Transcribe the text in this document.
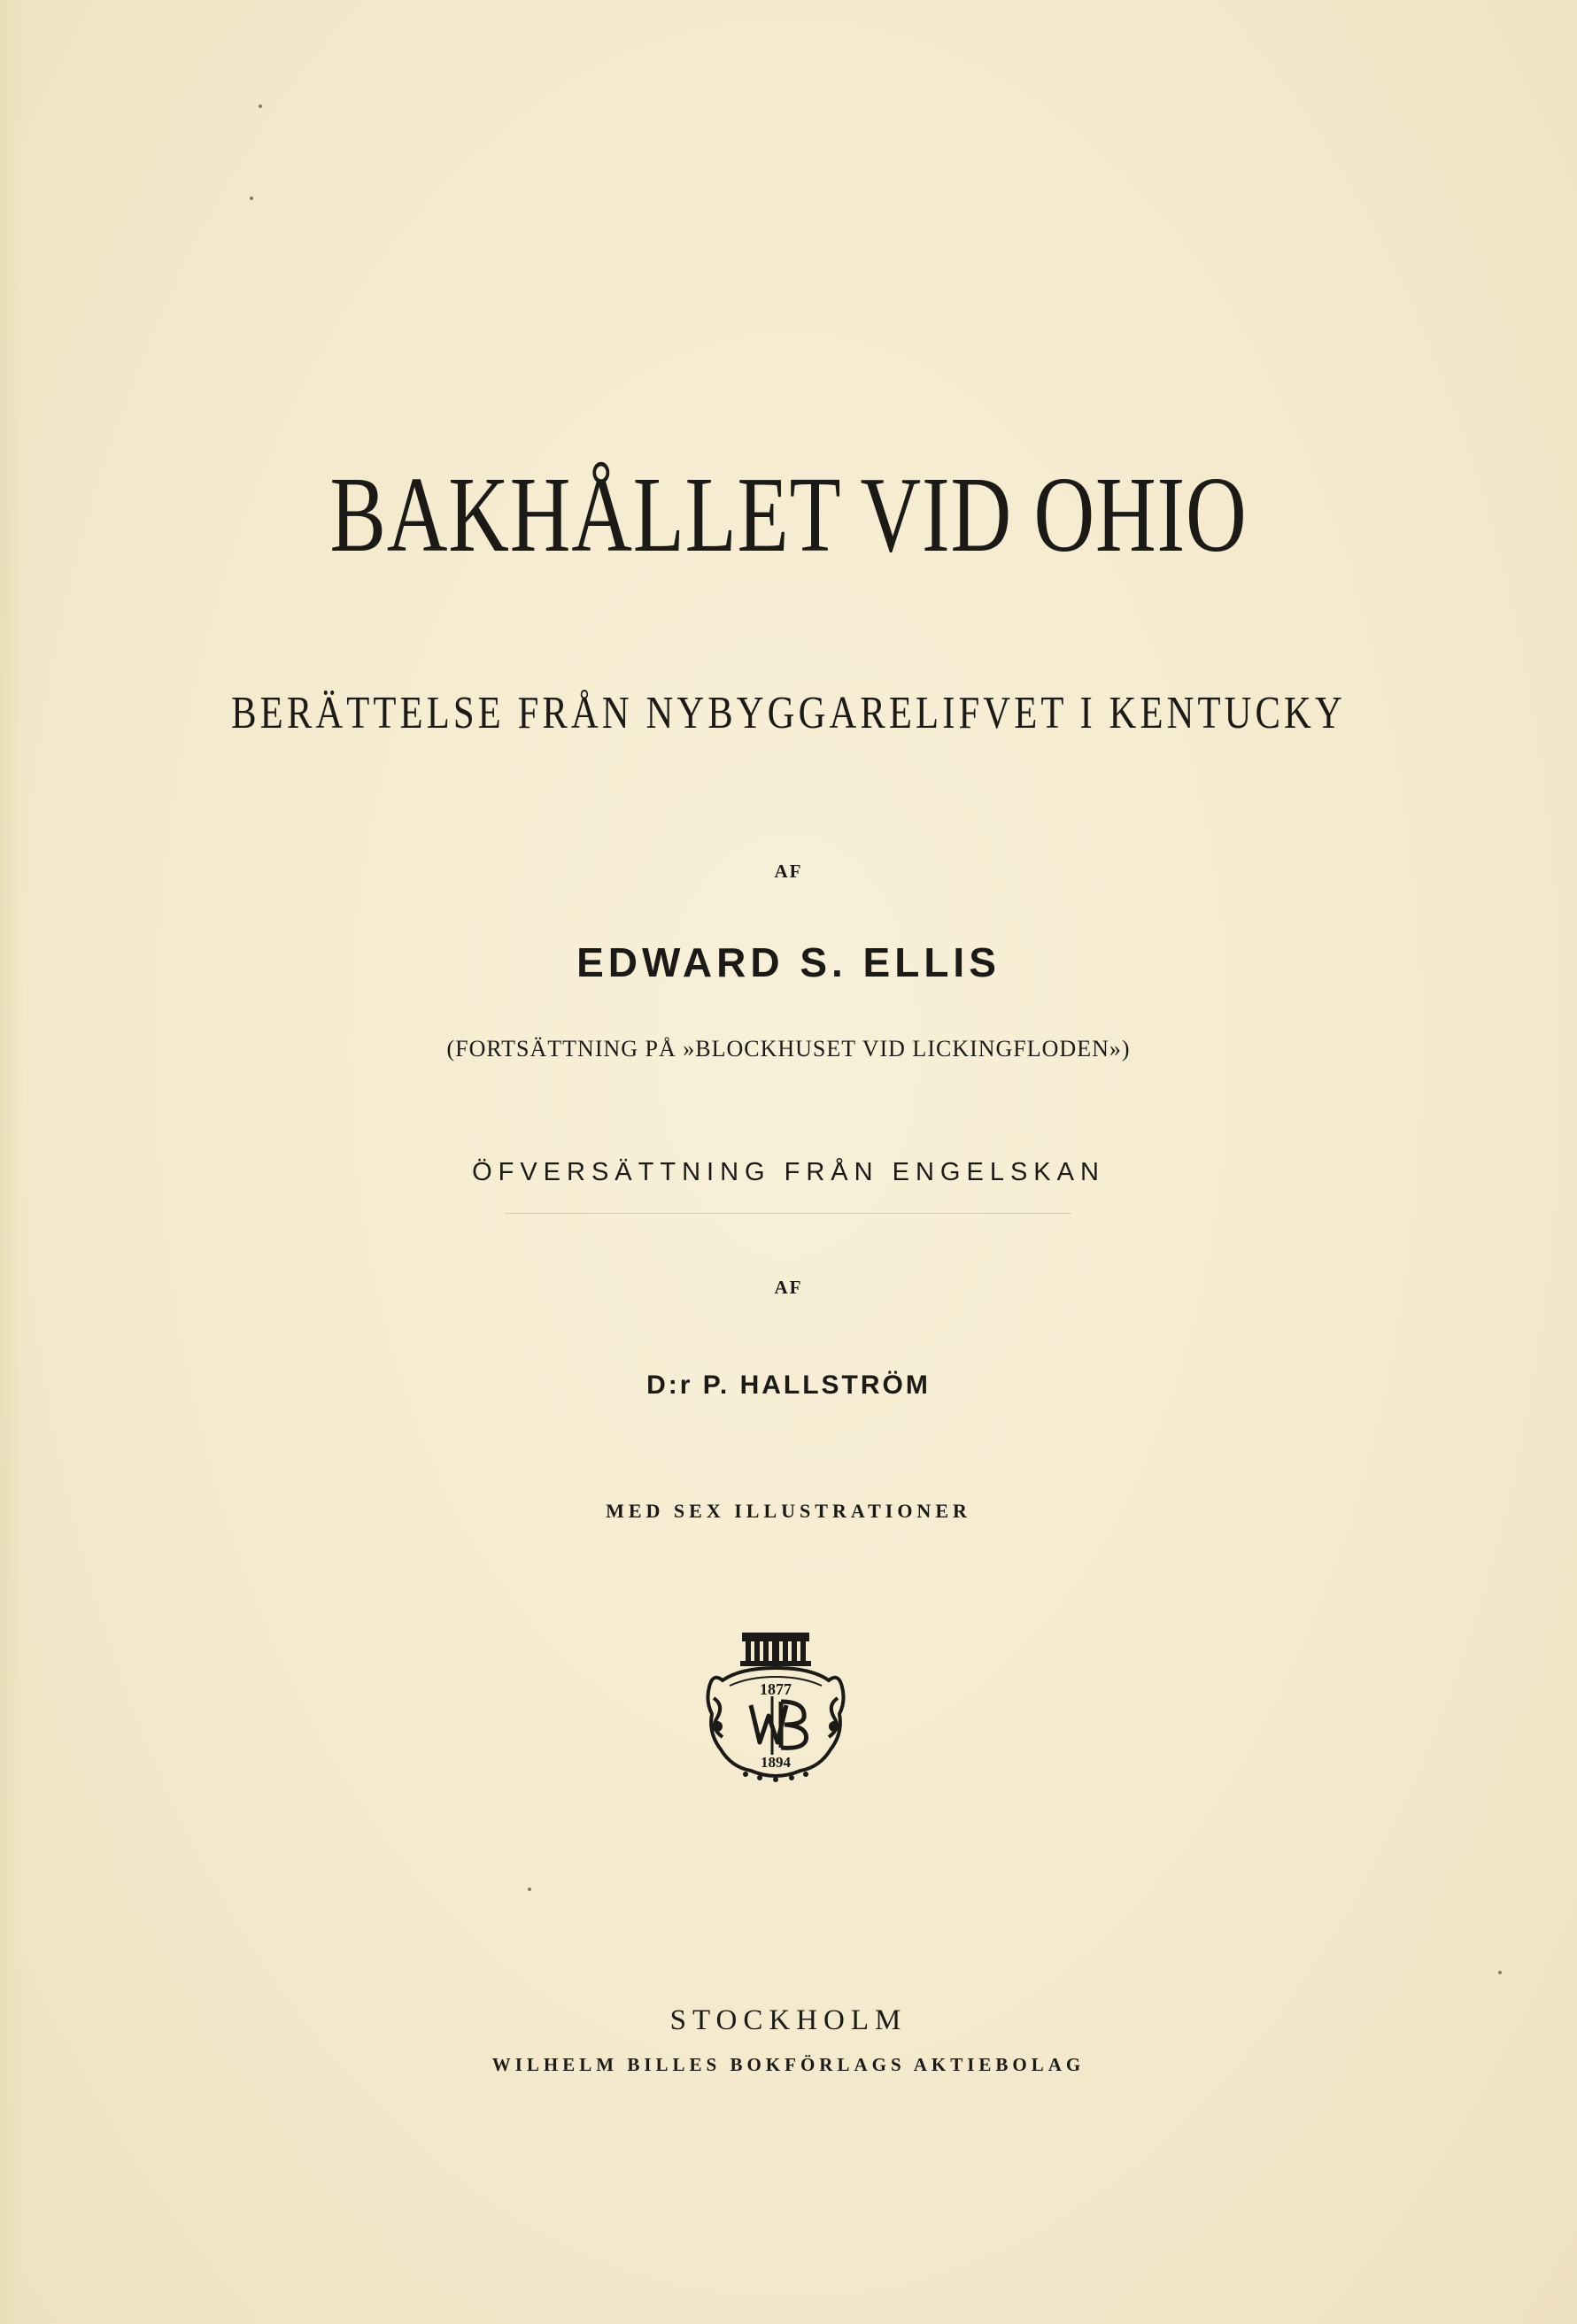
BAKHÅLLET VID OHIO
BERÄTTELSE FRÅN NYBYGGARELIFVET I KENTUCKY
AF
EDWARD S. ELLIS
(FORTSÄTTNING PÅ »BLOCKHUSET VID LICKINGFLODEN»)
ÖFVERSÄTTNING FRÅN ENGELSKAN
AF
D:r P. HALLSTRÖM
MED SEX ILLUSTRATIONER
1877
1894
STOCKHOLM
WILHELM BILLES BOKFÖRLAGS AKTIEBOLAG
